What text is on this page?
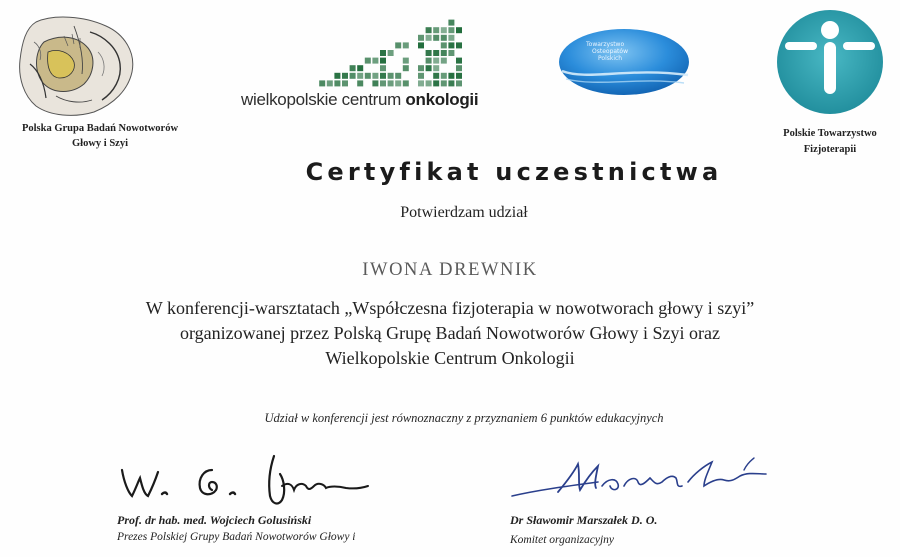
Polska Grupa Badań Nowotworów
Głowy i Szyi
wielkopolskie centrum onkologii
Towarzystwo
Osteopatów
Polskich
Polskie Towarzystwo
Fizjoterapii
Certyfikat uczestnictwa
Potwierdzam udział
IWONA DREWNIK
W konferencji-warsztatach „Współczesna fizjoterapia w nowotworach głowy i szyi”
organizowanej przez Polską Grupę Badań Nowotworów Głowy i Szyi oraz
Wielkopolskie Centrum Onkologii
Udział w konferencji jest równoznaczny z przyznaniem 6 punktów edukacyjnych
Prof. dr hab. med. Wojciech Golusiński
Prezes Polskiej Grupy Badań Nowotworów Głowy i
Dr Sławomir Marszałek D. O.
Komitet organizacyjny
